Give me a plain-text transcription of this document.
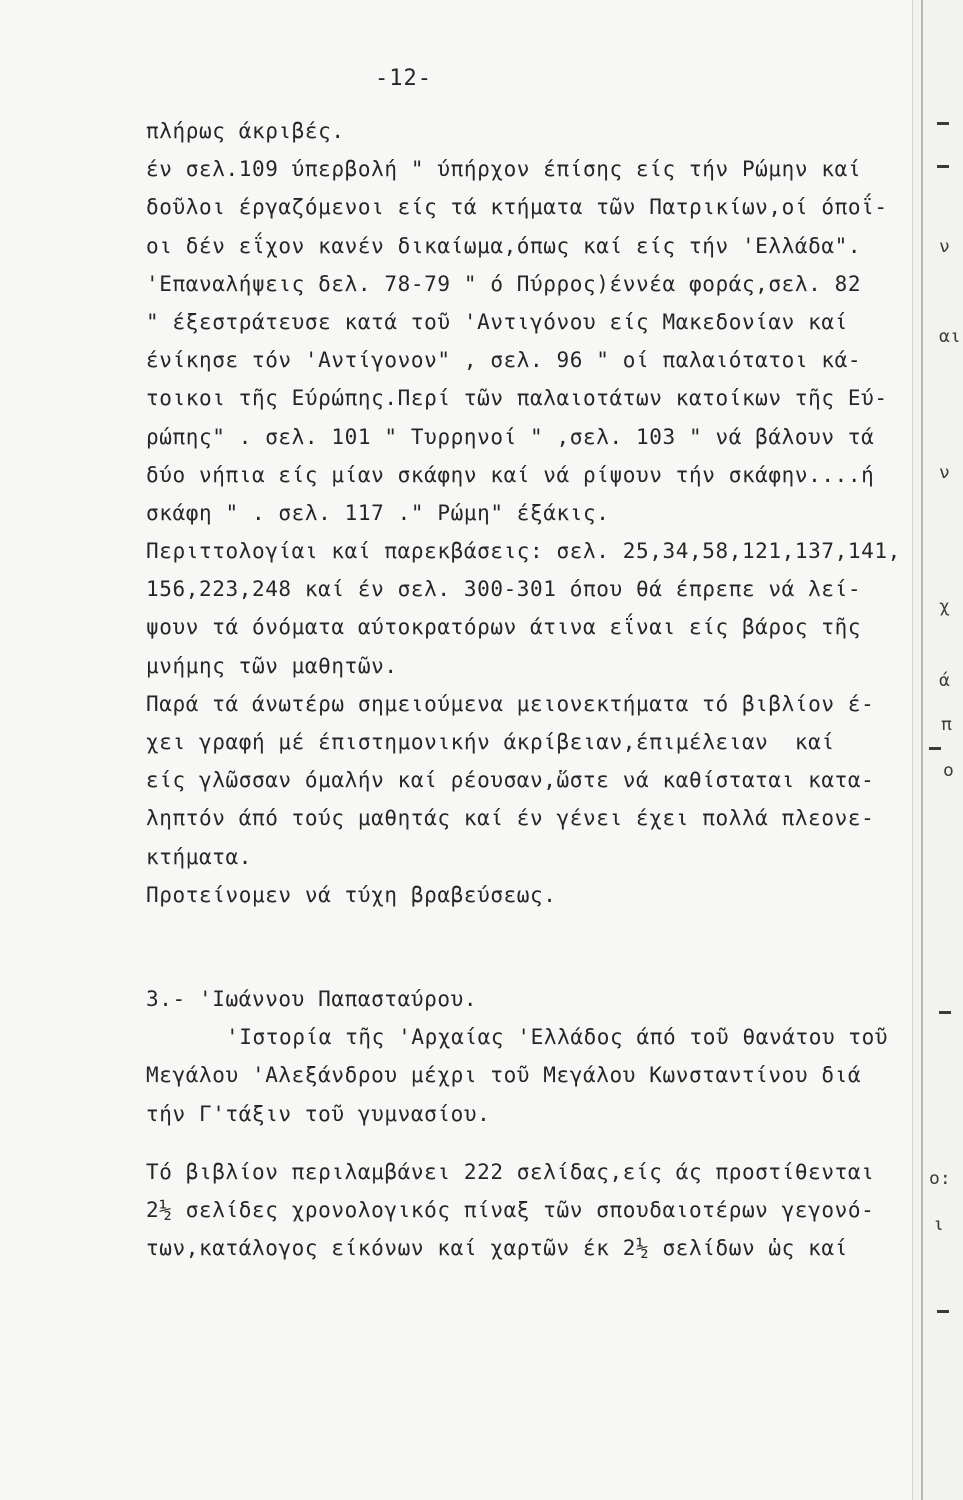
-12-
πλήρως άκριβές.
έν σελ.109 ύπερβολή " ύπήρχον έπίσης είς τήν Ρώμην καί
δοῦλοι έργαζόμενοι είς τά κτήματα τῶν Πατρικίων,οί όποΐ-
οι δέν εΐχον κανέν δικαίωμα,όπως καί είς τήν 'Ελλάδα".
'Επαναλήψεις δελ. 78-79 " ό Πύρρος)έννέα φοράς,σελ. 82
" έξεστράτευσε κατά τοῦ 'Αντιγόνου είς Μακεδονίαν καί
ένίκησε τόν 'Αντίγονον" , σελ. 96 " οί παλαιότατοι κά-
τοικοι τῆς Εύρώπης.Περί τῶν παλαιοτάτων κατοίκων τῆς Εύ-
ρώπης" . σελ. 101 " Τυρρηνοί " ,σελ. 103 " νά βάλουν τά
δύο νήπια είς μίαν σκάφην καί νά ρίψουν τήν σκάφην....ή
σκάφη " . σελ. 117 ." Ρώμη" έξάκις.
Περιττολογίαι καί παρεκβάσεις: σελ. 25,34,58,121,137,141,
156,223,248 καί έν σελ. 300-301 όπου θά έπρεπε νά λεί-
ψουν τά όνόματα αύτοκρατόρων άτινα εΐναι είς βάρος τῆς
μνήμης τῶν μαθητῶν.
Παρά τά άνωτέρω σημειούμενα μειονεκτήματα τό βιβλίον έ-
χει γραφή μέ έπιστημονικήν άκρίβειαν,έπιμέλειαν  καί
είς γλῶσσαν όμαλήν καί ρέουσαν,ὥστε νά καθίσταται κατα-
ληπτόν άπό τούς μαθητάς καί έν γένει έχει πολλά πλεονε-
κτήματα.
Προτείνομεν νά τύχη βραβεύσεως.
3.- 'Ιωάννου Παπασταύρου.
'Ιστορία τῆς 'Αρχαίας 'Ελλάδος άπό τοῦ θανάτου τοῦ
Μεγάλου 'Αλεξάνδρου μέχρι τοῦ Μεγάλου Κωνσταντίνου διά
τήν Γ'τάξιν τοῦ γυμνασίου.
Τό βιβλίον περιλαμβάνει 222 σελίδας,είς άς προστίθενται
2½ σελίδες χρονολογικός πίναξ τῶν σπουδαιοτέρων γεγονό-
των,κατάλογος είκόνων καί χαρτῶν έκ 2½ σελίδων ὡς καί
ν
αι
ν
χ
ά
π
ο
ο:
ι
